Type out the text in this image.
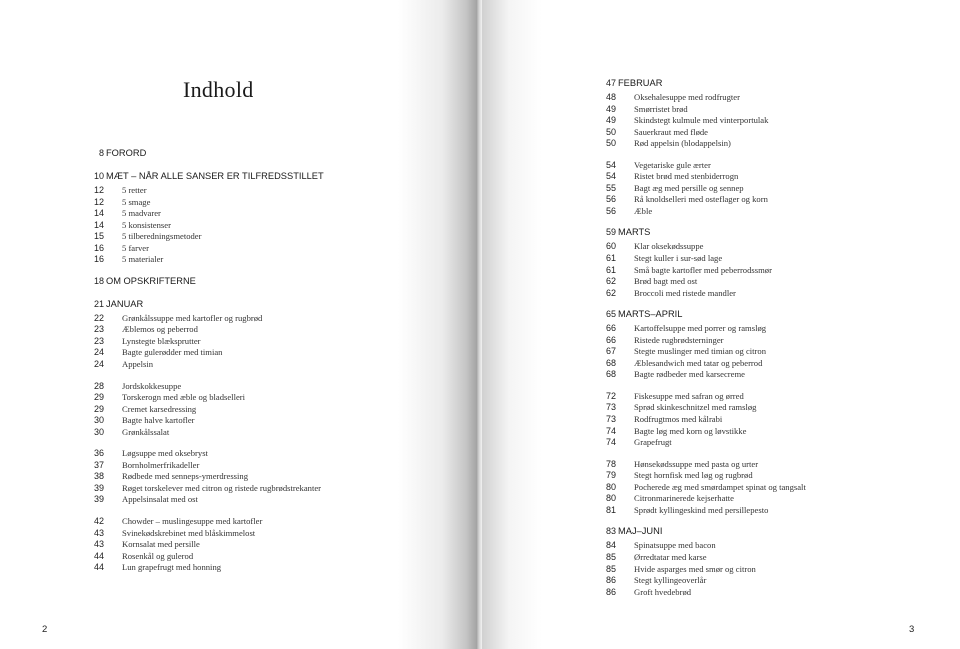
Indhold
8 FORORD
10 MÆT – NÅR ALLE SANSER ER TILFREDSSTILLET
12 5 retter
12 5 smage
14 5 madvarer
14 5 konsistenser
15 5 tilberedningsmetoder
16 5 farver
16 5 materialer
18 OM OPSKRIFTERNE
21 JANUAR
22 Grønkålssuppe med kartofler og rugbrød
23 Æblemos og peberrod
23 Lynstegte blæksprutter
24 Bagte gulerødder med timian
24 Appelsin
28 Jordskokkesuppe
29 Torskerogn med æble og bladselleri
29 Cremet karsedressing
30 Bagte halve kartofler
30 Grønkålssalat
36 Løgsuppe med oksebryst
37 Bornholmerfrikadeller
38 Rødbede med senneps-ymerdressing
39 Røget torskelever med citron og ristede rugbrødstrekanter
39 Appelsinsalat med ost
42 Chowder – muslingesuppe med kartofler
43 Svinekødskrebinet med blåskimmelost
43 Kornsalat med persille
44 Rosenkål og gulerod
44 Lun grapefrugt med honning
2	3
47 FEBRUAR
48 Oksehalesuppe med rodfrugter
49 Smørristet brød
49 Skindstegt kulmule med vinterportulak
50 Sauerkraut med fløde
50 Rød appelsin (blodappelsin)
54 Vegetariske gule ærter
54 Ristet brød med stenbiderrogn
55 Bagt æg med persille og sennep
56 Rå knoldselleri med osteflager og korn
56 Æble
59 MARTS
60 Klar oksekødssuppe
61 Stegt kuller i sur-sød lage
61 Små bagte kartofler med peberrodssmør
62 Brød bagt med ost
62 Broccoli med ristede mandler
65 MARTS–APRIL
66 Kartoffelsuppe med porrer og ramsløg
66 Ristede rugbrødsterninger
67 Stegte muslinger med timian og citron
68 Æblesandwich med tatar og peberrod
68 Bagte rødbeder med karsecreme
72 Fiskesuppe med safran og ørred
73 Sprød skinkeschnitzel med ramsløg
73 Rodfrugtmos med kålrabi
74 Bagte løg med korn og løvstikke
74 Grapefrugt
78 Hønsekødssuppe med pasta og urter
79 Stegt hornfisk med løg og rugbrød
80 Pocherede æg med smørdampet spinat og tangsalt
80 Citronmarinerede kejserhatte
81 Sprødt kyllingeskind med persillepesto
83 MAJ–JUNI
84 Spinatsuppe med bacon
85 Ørredtatar med karse
85 Hvide asparges med smør og citron
86 Stegt kyllingeoverlår
86 Groft hvedebrød
